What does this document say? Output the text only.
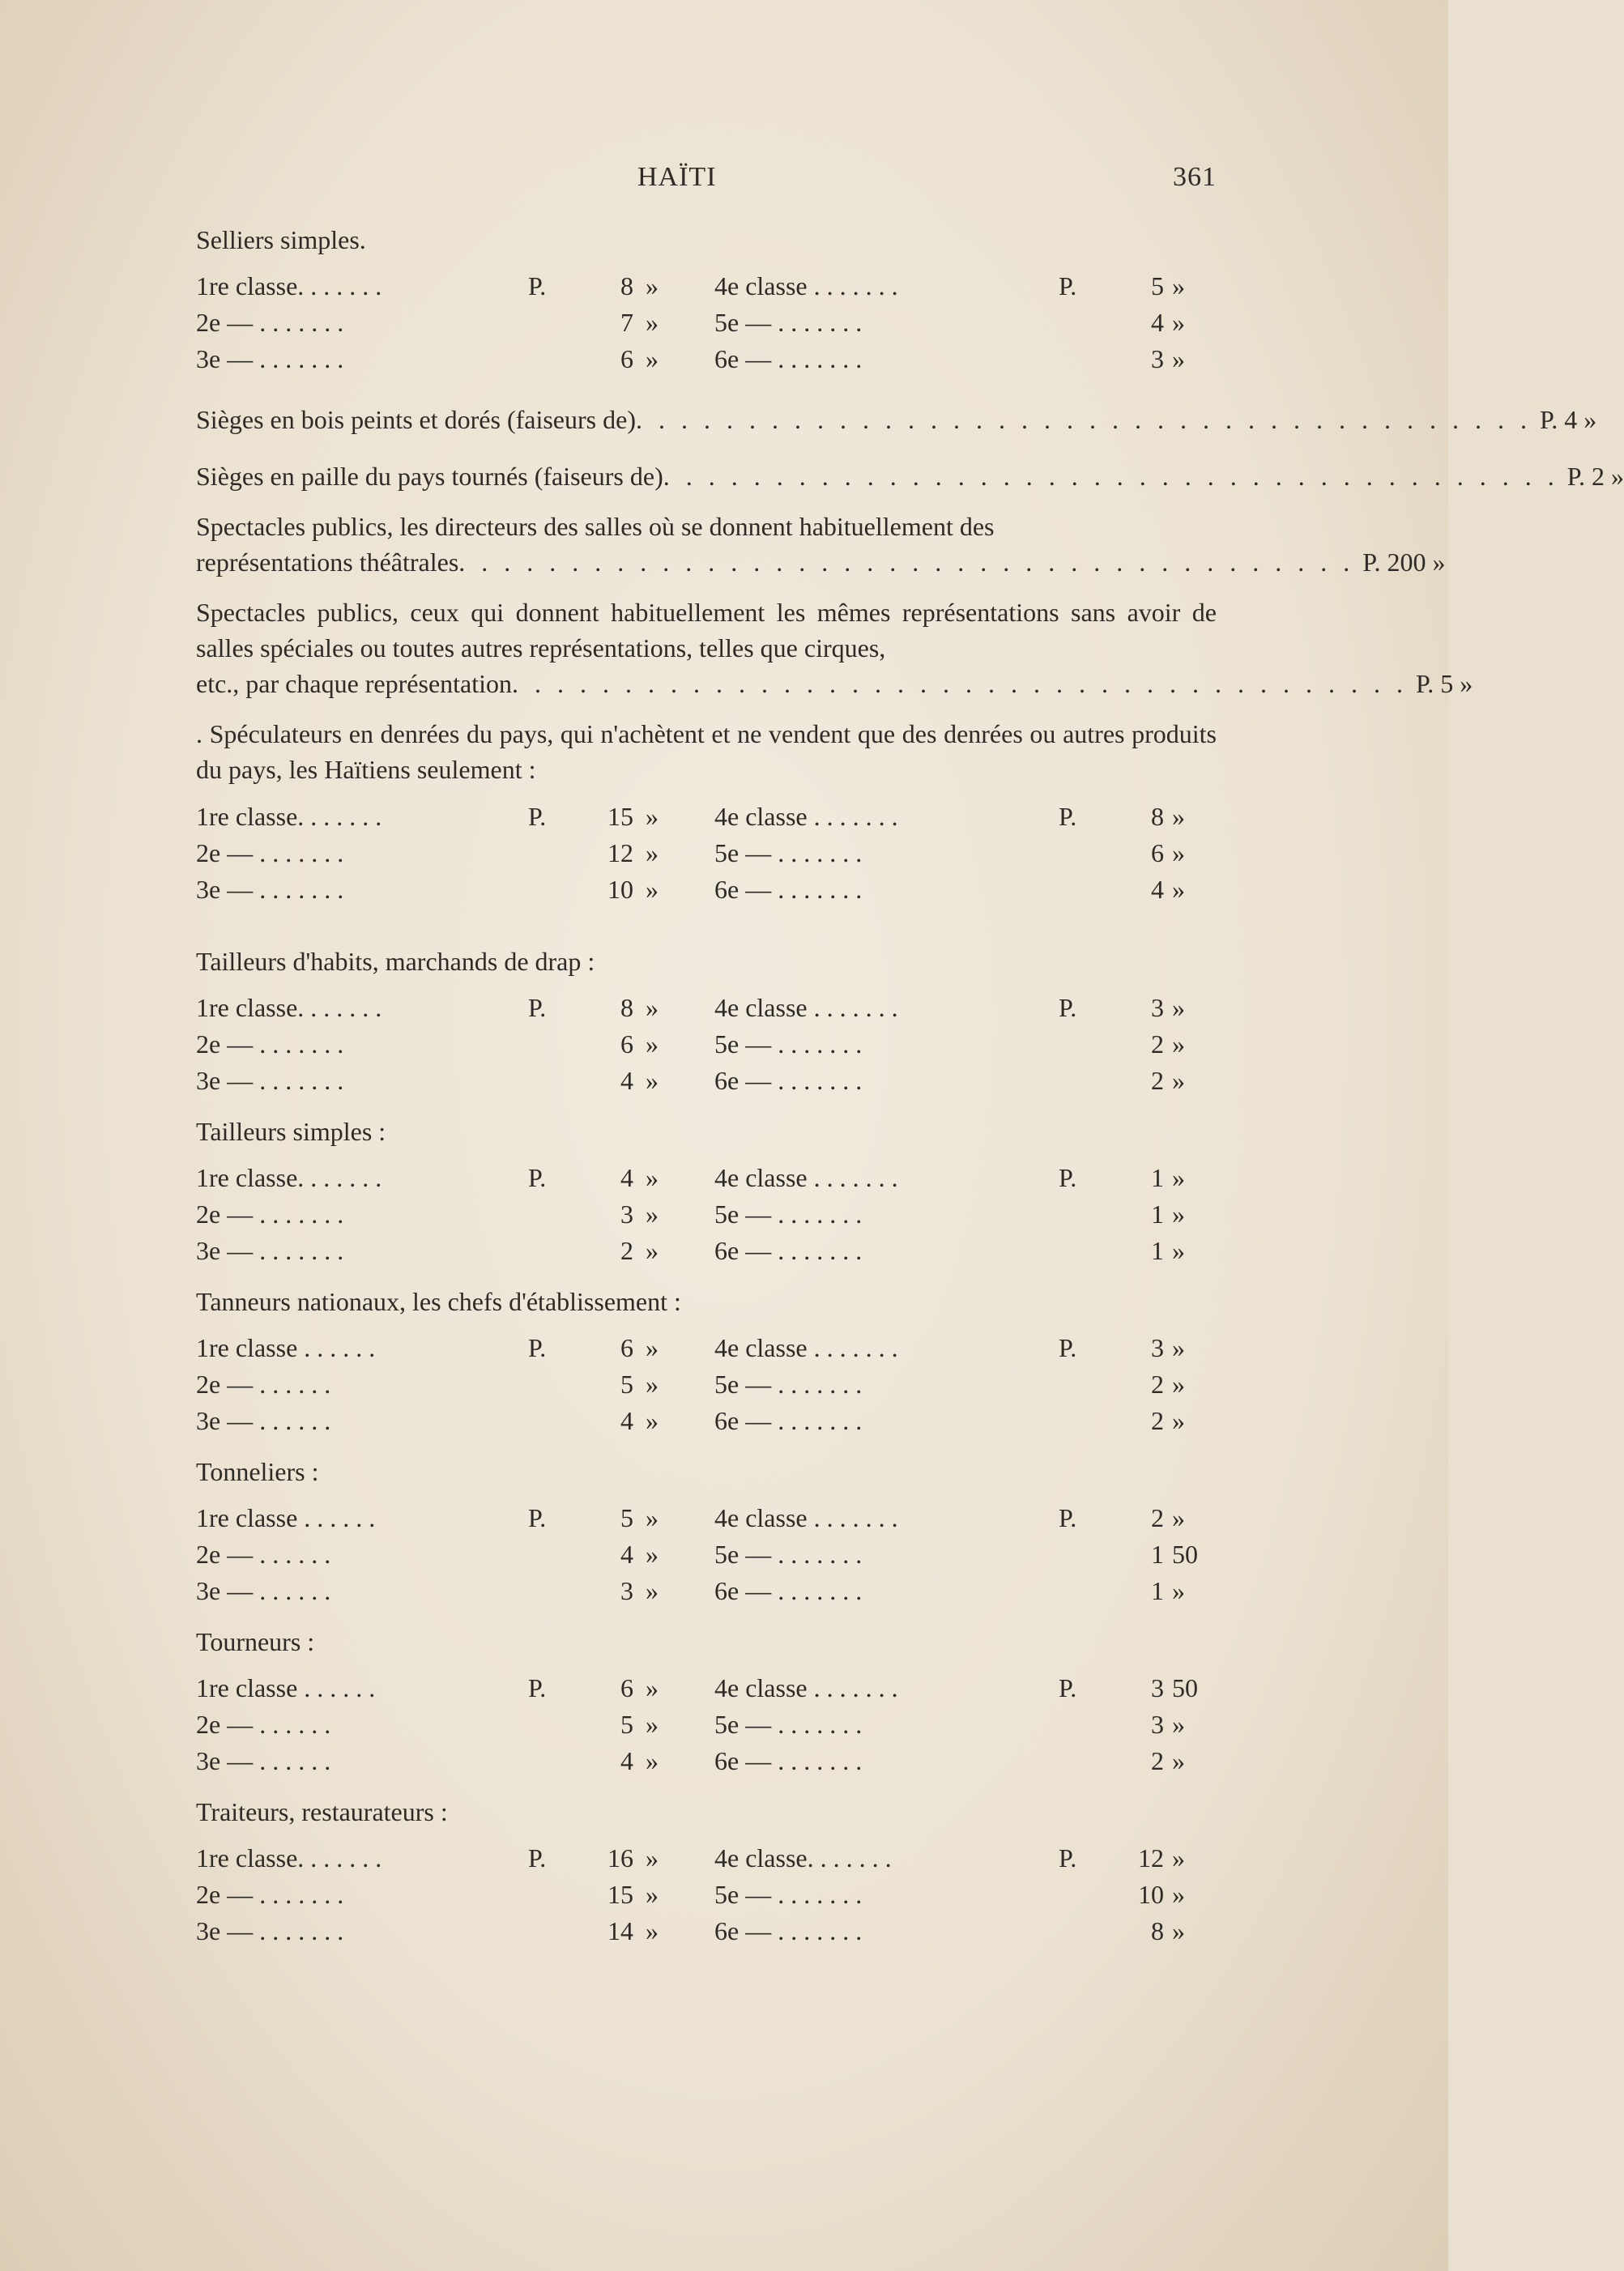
HAÏTI	361
Selliers simples.
1re classe. . . . . . .	P.	8 » 4e classe . . . . . . .	P.	5 »
2e — . . . . . . .	7 » 5e — . . . . . . .	4 »
3e — . . . . . . .	6 » 6e — . . . . . . .	3 »
Sièges en bois peints et dorés (faiseurs de) . . . . . . . . . . . . . . . . . . . . . . . . . . . . . . . . . . . . . . . . P. 4 »
Sièges en paille du pays tournés (faiseurs de) . . . . . . . . . . . . . . . . . . . . . . . . . . . . . . . . . . . . . . . . P. 2 »
Spectacles publics, les directeurs des salles où se donnent habituellement des
représentations théâtrales . . . . . . . . . . . . . . . . . . . . . . . . . . . . . . . . . . . . . . . . P. 200 »
Spectacles publics, ceux qui donnent habituellement les mêmes représentations sans avoir de salles spéciales ou toutes autres représentations, telles que cirques,
etc., par chaque représentation . . . . . . . . . . . . . . . . . . . . . . . . . . . . . . . . . . . . . . . . P. 5 »
. Spéculateurs en denrées du pays, qui n'achètent et ne vendent que des denrées ou autres produits du pays, les Haïtiens seulement :
1re classe. . . . . . .	P.	15 » 4e classe . . . . . . .	P.	8 »
2e — . . . . . . .	12 » 5e — . . . . . . .	6 »
3e — . . . . . . .	10 » 6e — . . . . . . .	4 »
Tailleurs d'habits, marchands de drap :
1re classe. . . . . . .	P.	8 » 4e classe . . . . . . .	P.	3 »
2e — . . . . . . .	6 » 5e — . . . . . . .	2 »
3e — . . . . . . .	4 » 6e — . . . . . . .	2 »
Tailleurs simples :
1re classe. . . . . . .	P.	4 » 4e classe . . . . . . .	P.	1 »
2e — . . . . . . .	3 » 5e — . . . . . . .	1 »
3e — . . . . . . .	2 » 6e — . . . . . . .	1 »
Tanneurs nationaux, les chefs d'établissement :
1re classe . . . . . .	P.	6 » 4e classe . . . . . . .	P.	3 »
2e — . . . . . .	5 » 5e — . . . . . . .	2 »
3e — . . . . . .	4 » 6e — . . . . . . .	2 »
Tonneliers :
1re classe . . . . . .	P.	5 » 4e classe . . . . . . .	P.	2 »
2e — . . . . . .	4 » 5e — . . . . . . .	1 50
3e — . . . . . .	3 » 6e — . . . . . . .	1 »
Tourneurs :
1re classe . . . . . .	P.	6 » 4e classe . . . . . . .	P.	3 50
2e — . . . . . .	5 » 5e — . . . . . . .	3 »
3e — . . . . . .	4 » 6e — . . . . . . .	2 »
Traiteurs, restaurateurs :
1re classe. . . . . . .	P.	16 » 4e classe. . . . . . .	P.	12 »
2e — . . . . . . .	15 » 5e — . . . . . . .	10 »
3e — . . . . . . .	14 » 6e — . . . . . . .	8 »
